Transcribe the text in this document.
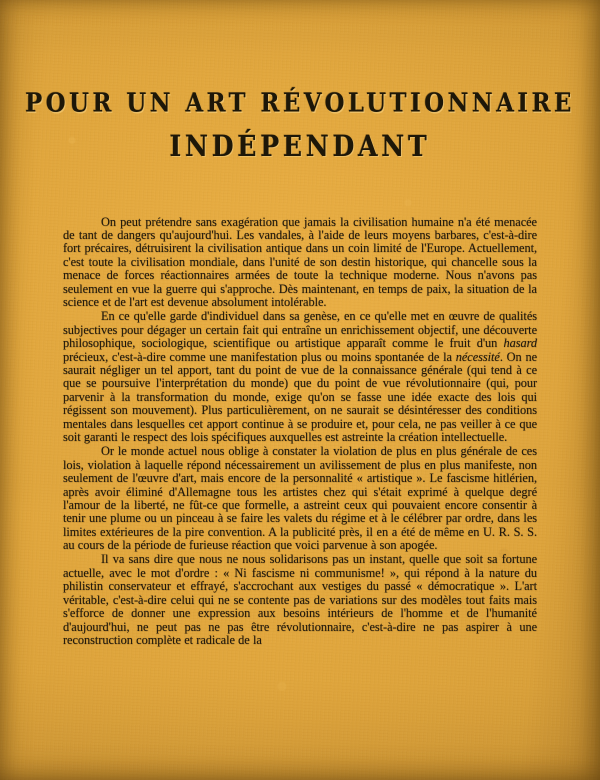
POUR UN ART RÉVOLUTIONNAIRE
INDÉPENDANT

On peut prétendre sans exagération que jamais la civilisation humaine n'a été menacée de tant de dangers qu'aujourd'hui. Les vandales, à l'aide de leurs moyens barbares, c'est-à-dire fort précaires, détruisirent la civilisation antique dans un coin limité de l'Europe. Actuellement, c'est toute la civilisation mondiale, dans l'unité de son destin historique, qui chancelle sous la menace de forces réactionnaires armées de toute la technique moderne. Nous n'avons pas seulement en vue la guerre qui s'approche. Dès maintenant, en temps de paix, la situation de la science et de l'art est devenue absolument intolérable.

En ce qu'elle garde d'individuel dans sa genèse, en ce qu'elle met en œuvre de qualités subjectives pour dégager un certain fait qui entraîne un enrichissement objectif, une découverte philosophique, sociologique, scientifique ou artistique apparaît comme le fruit d'un hasard précieux, c'est-à-dire comme une manifestation plus ou moins spontanée de la nécessité. On ne saurait négliger un tel apport, tant du point de vue de la connaissance générale (qui tend à ce que se poursuive l'interprétation du monde) que du point de vue révolutionnaire (qui, pour parvenir à la transformation du monde, exige qu'on se fasse une idée exacte des lois qui régissent son mouvement). Plus particulièrement, on ne saurait se désintéresser des conditions mentales dans lesquelles cet apport continue à se produire et, pour cela, ne pas veiller à ce que soit garanti le respect des lois spécifiques auxquelles est astreinte la création intellectuelle.

Or le monde actuel nous oblige à constater la violation de plus en plus générale de ces lois, violation à laquelle répond nécessairement un avilissement de plus en plus manifeste, non seulement de l'œuvre d'art, mais encore de la personnalité « artistique ». Le fascisme hitlérien, après avoir éliminé d'Allemagne tous les artistes chez qui s'était exprimé à quelque degré l'amour de la liberté, ne fût-ce que formelle, a astreint ceux qui pouvaient encore consentir à tenir une plume ou un pinceau à se faire les valets du régime et à le célébrer par ordre, dans les limites extérieures de la pire convention. A la publicité près, il en a été de même en U. R. S. S. au cours de la période de furieuse réaction que voici parvenue à son apogée.

Il va sans dire que nous ne nous solidarisons pas un instant, quelle que soit sa fortune actuelle, avec le mot d'ordre : « Ni fascisme ni communisme! », qui répond à la nature du philistin conservateur et effrayé, s'accrochant aux vestiges du passé « démocratique ». L'art véritable, c'est-à-dire celui qui ne se contente pas de variations sur des modèles tout faits mais s'efforce de donner une expression aux besoins intérieurs de l'homme et de l'humanité d'aujourd'hui, ne peut pas ne pas être révolutionnaire, c'est-à-dire ne pas aspirer à une reconstruction complète et radicale de la
